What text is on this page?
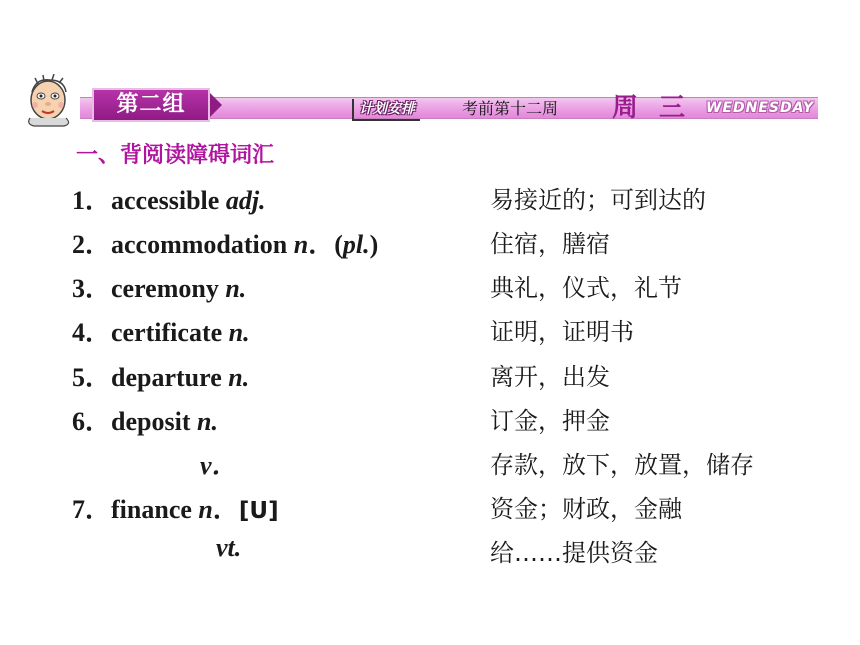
第二组	计划安排	考前第十二周 周 三 WEDNESDAY
一、背阅读障碍词汇
1．accessible adj.	易接近的；可到达的
2．accommodation n．(pl.)	住宿，膳宿
3．ceremony n.	典礼，仪式，礼节
4．certificate n.	证明，证明书
5．departure n.	离开，出发
6．deposit n.	订金，押金
v．	存款，放下，放置，储存
7．finance n．[U]	资金；财政，金融
vt.	给……提供资金
